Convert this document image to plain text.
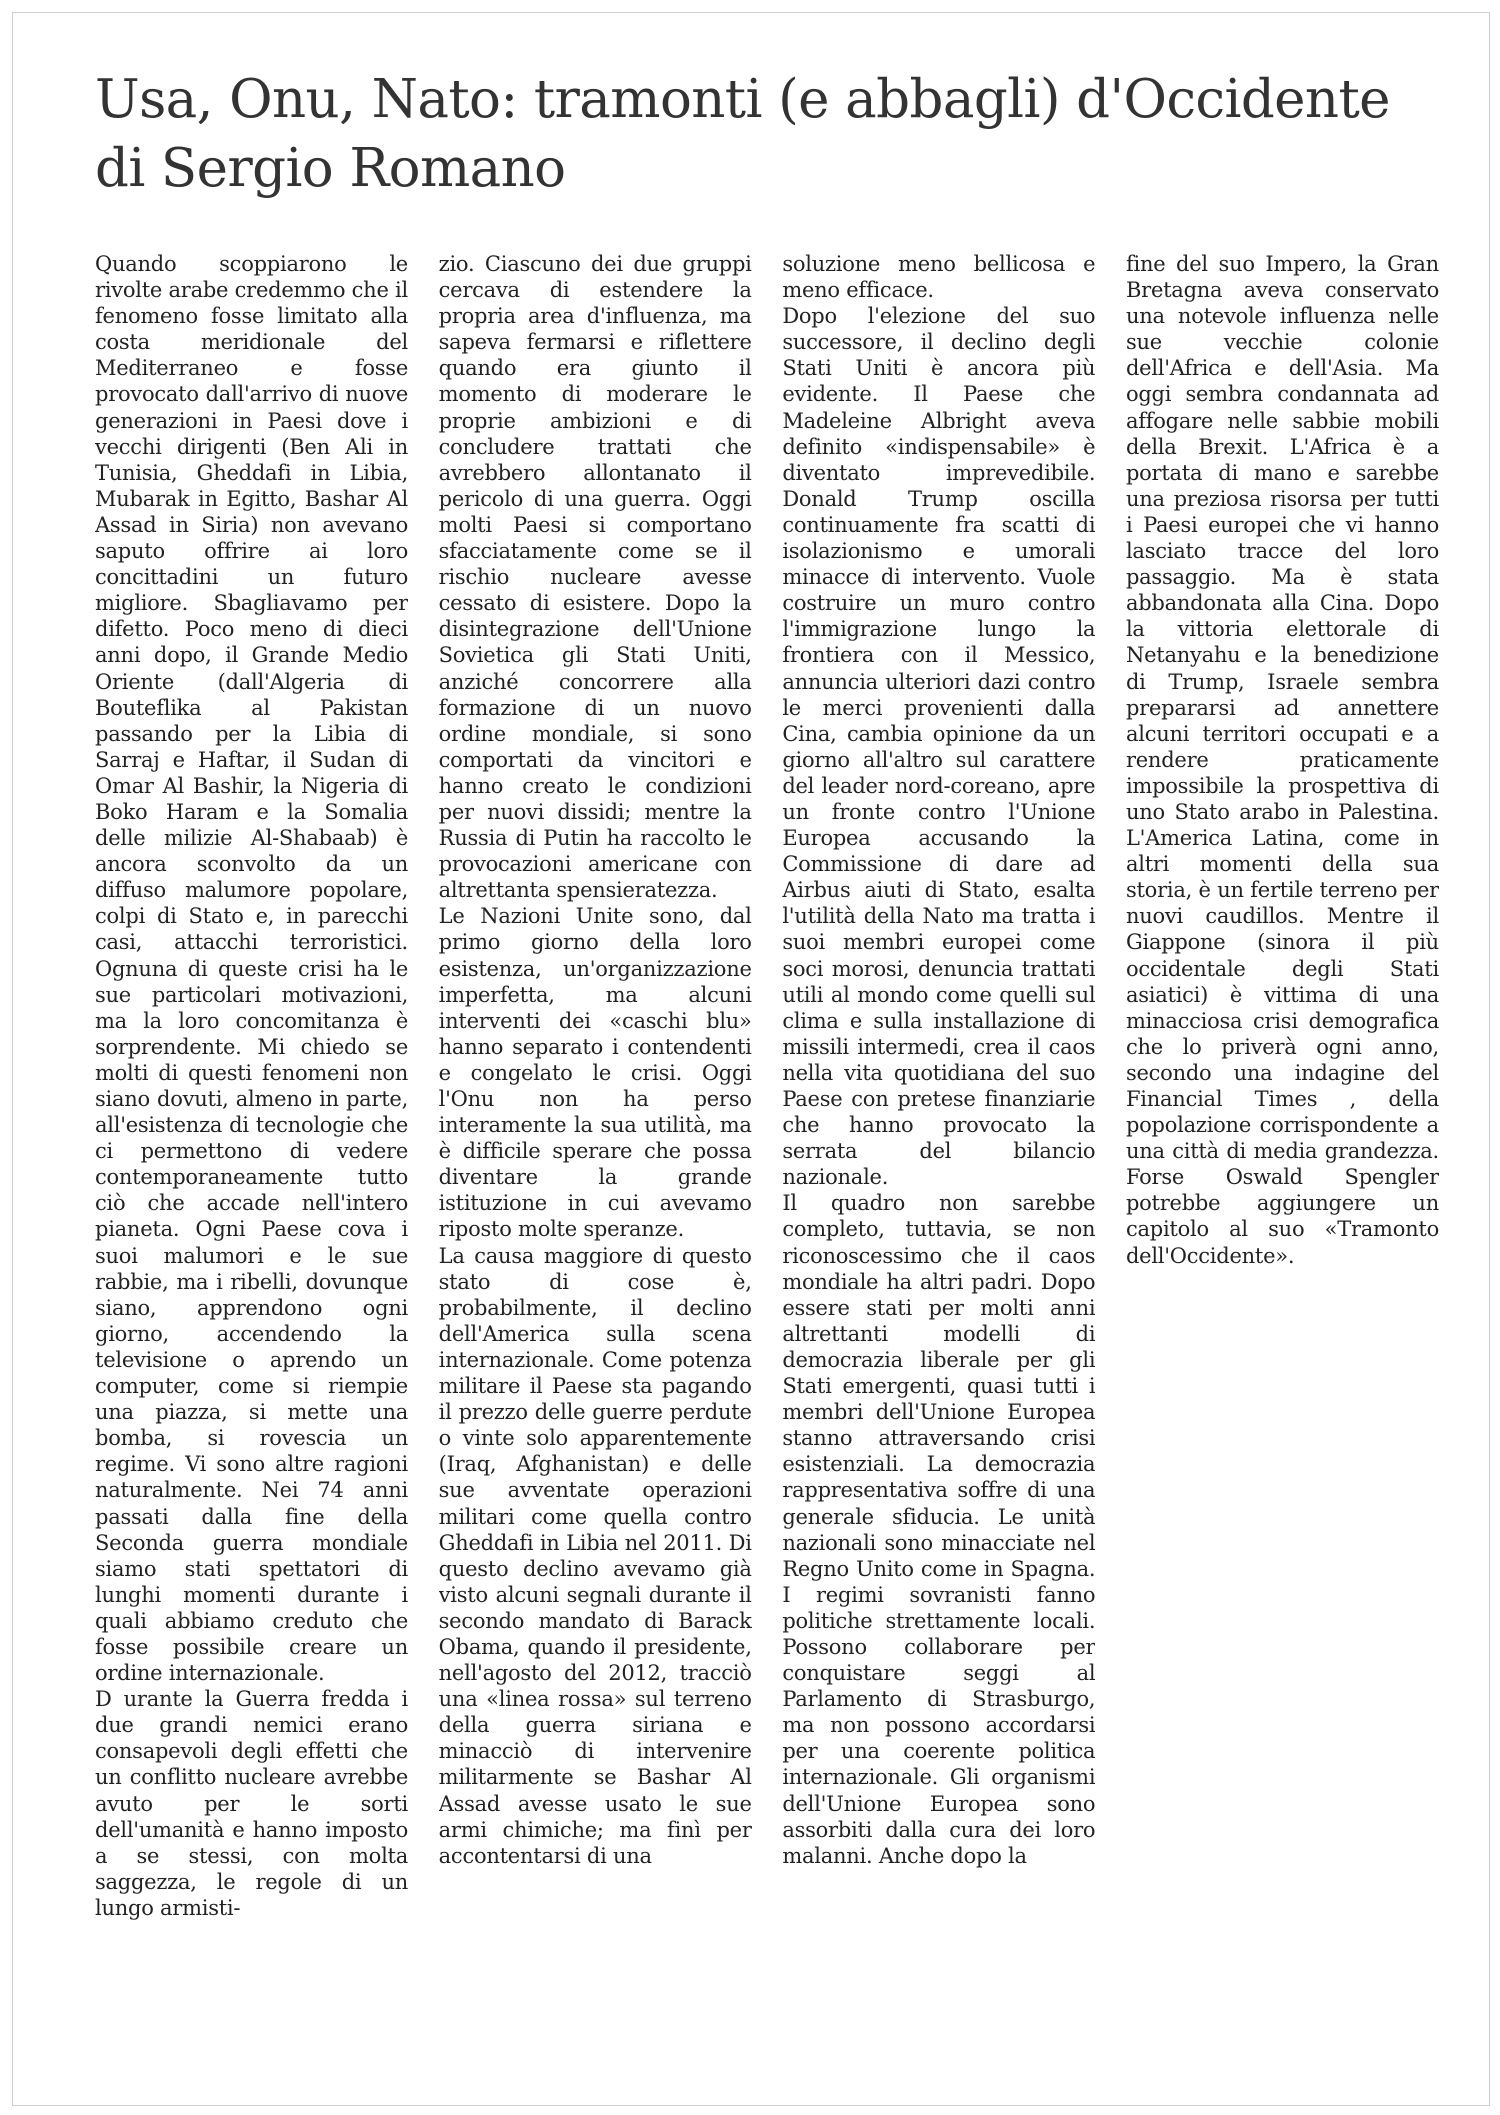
Usa, Onu, Nato: tramonti (e abbagli) d'Occidente
di Sergio Romano

Quando scoppiarono le rivolte arabe credemmo che il fenomeno fosse limitato alla costa meridionale del Mediterraneo e fosse provocato dall'arrivo di nuove generazioni in Paesi dove i vecchi dirigenti (Ben Ali in Tunisia, Gheddafi in Libia, Mubarak in Egitto, Bashar Al Assad in Siria) non avevano saputo offrire ai loro concittadini un futuro migliore. Sbagliavamo per difetto. Poco meno di dieci anni dopo, il Grande Medio Oriente (dall'Algeria di Bouteflika al Pakistan passando per la Libia di Sarraj e Haftar, il Sudan di Omar Al Bashir, la Nigeria di Boko Haram e la Somalia delle milizie Al-Shabaab) è ancora sconvolto da un diffuso malumore popolare, colpi di Stato e, in parecchi casi, attacchi terroristici. Ognuna di queste crisi ha le sue particolari motivazioni, ma la loro concomitanza è sorprendente. Mi chiedo se molti di questi fenomeni non siano dovuti, almeno in parte, all'esistenza di tecnologie che ci permettono di vedere contemporaneamente tutto ciò che accade nell'intero pianeta. Ogni Paese cova i suoi malumori e le sue rabbie, ma i ribelli, dovunque siano, apprendono ogni giorno, accendendo la televisione o aprendo un computer, come si riempie una piazza, si mette una bomba, si rovescia un regime. Vi sono altre ragioni naturalmente. Nei 74 anni passati dalla fine della Seconda guerra mondiale siamo stati spettatori di lunghi momenti durante i quali abbiamo creduto che fosse possibile creare un ordine internazionale.

D urante la Guerra fredda i due grandi nemici erano consapevoli degli effetti che un conflitto nucleare avrebbe avuto per le sorti dell'umanità e hanno imposto a se stessi, con molta saggezza, le regole di un lungo armisti-

zio. Ciascuno dei due gruppi cercava di estendere la propria area d'influenza, ma sapeva fermarsi e riflettere quando era giunto il momento di moderare le proprie ambizioni e di concludere trattati che avrebbero allontanato il pericolo di una guerra. Oggi molti Paesi si comportano sfacciatamente come se il rischio nucleare avesse cessato di esistere. Dopo la disintegrazione dell'Unione Sovietica gli Stati Uniti, anziché concorrere alla formazione di un nuovo ordine mondiale, si sono comportati da vincitori e hanno creato le condizioni per nuovi dissidi; mentre la Russia di Putin ha raccolto le provocazioni americane con altrettanta spensieratezza.

Le Nazioni Unite sono, dal primo giorno della loro esistenza, un'organizzazione imperfetta, ma alcuni interventi dei «caschi blu» hanno separato i contendenti e congelato le crisi. Oggi l'Onu non ha perso interamente la sua utilità, ma è difficile sperare che possa diventare la grande istituzione in cui avevamo riposto molte speranze.

La causa maggiore di questo stato di cose è, probabilmente, il declino dell'America sulla scena internazionale. Come potenza militare il Paese sta pagando il prezzo delle guerre perdute o vinte solo apparentemente (Iraq, Afghanistan) e delle sue avventate operazioni militari come quella contro Gheddafi in Libia nel 2011. Di questo declino avevamo già visto alcuni segnali durante il secondo mandato di Barack Obama, quando il presidente, nell'agosto del 2012, tracciò una «linea rossa» sul terreno della guerra siriana e minacciò di intervenire militarmente se Bashar Al Assad avesse usato le sue armi chimiche; ma finì per accontentarsi di una

soluzione meno bellicosa e meno efficace.

Dopo l'elezione del suo successore, il declino degli Stati Uniti è ancora più evidente. Il Paese che Madeleine Albright aveva definito «indispensabile» è diventato imprevedibile. Donald Trump oscilla continuamente fra scatti di isolazionismo e umorali minacce di intervento. Vuole costruire un muro contro l'immigrazione lungo la frontiera con il Messico, annuncia ulteriori dazi contro le merci provenienti dalla Cina, cambia opinione da un giorno all'altro sul carattere del leader nord-coreano, apre un fronte contro l'Unione Europea accusando la Commissione di dare ad Airbus aiuti di Stato, esalta l'utilità della Nato ma tratta i suoi membri europei come soci morosi, denuncia trattati utili al mondo come quelli sul clima e sulla installazione di missili intermedi, crea il caos nella vita quotidiana del suo Paese con pretese finanziarie che hanno provocato la serrata del bilancio nazionale.

Il quadro non sarebbe completo, tuttavia, se non riconoscessimo che il caos mondiale ha altri padri. Dopo essere stati per molti anni altrettanti modelli di democrazia liberale per gli Stati emergenti, quasi tutti i membri dell'Unione Europea stanno attraversando crisi esistenziali. La democrazia rappresentativa soffre di una generale sfiducia. Le unità nazionali sono minacciate nel Regno Unito come in Spagna. I regimi sovranisti fanno politiche strettamente locali. Possono collaborare per conquistare seggi al Parlamento di Strasburgo, ma non possono accordarsi per una coerente politica internazionale. Gli organismi dell'Unione Europea sono assorbiti dalla cura dei loro malanni. Anche dopo la

fine del suo Impero, la Gran Bretagna aveva conservato una notevole influenza nelle sue vecchie colonie dell'Africa e dell'Asia. Ma oggi sembra condannata ad affogare nelle sabbie mobili della Brexit. L'Africa è a portata di mano e sarebbe una preziosa risorsa per tutti i Paesi europei che vi hanno lasciato tracce del loro passaggio. Ma è stata abbandonata alla Cina. Dopo la vittoria elettorale di Netanyahu e la benedizione di Trump, Israele sembra prepararsi ad annettere alcuni territori occupati e a rendere praticamente impossibile la prospettiva di uno Stato arabo in Palestina. L'America Latina, come in altri momenti della sua storia, è un fertile terreno per nuovi caudillos. Mentre il Giappone (sinora il più occidentale degli Stati asiatici) è vittima di una minacciosa crisi demografica che lo priverà ogni anno, secondo una indagine del Financial Times , della popolazione corrispondente a una città di media grandezza. Forse Oswald Spengler potrebbe aggiungere un capitolo al suo «Tramonto dell'Occidente».
